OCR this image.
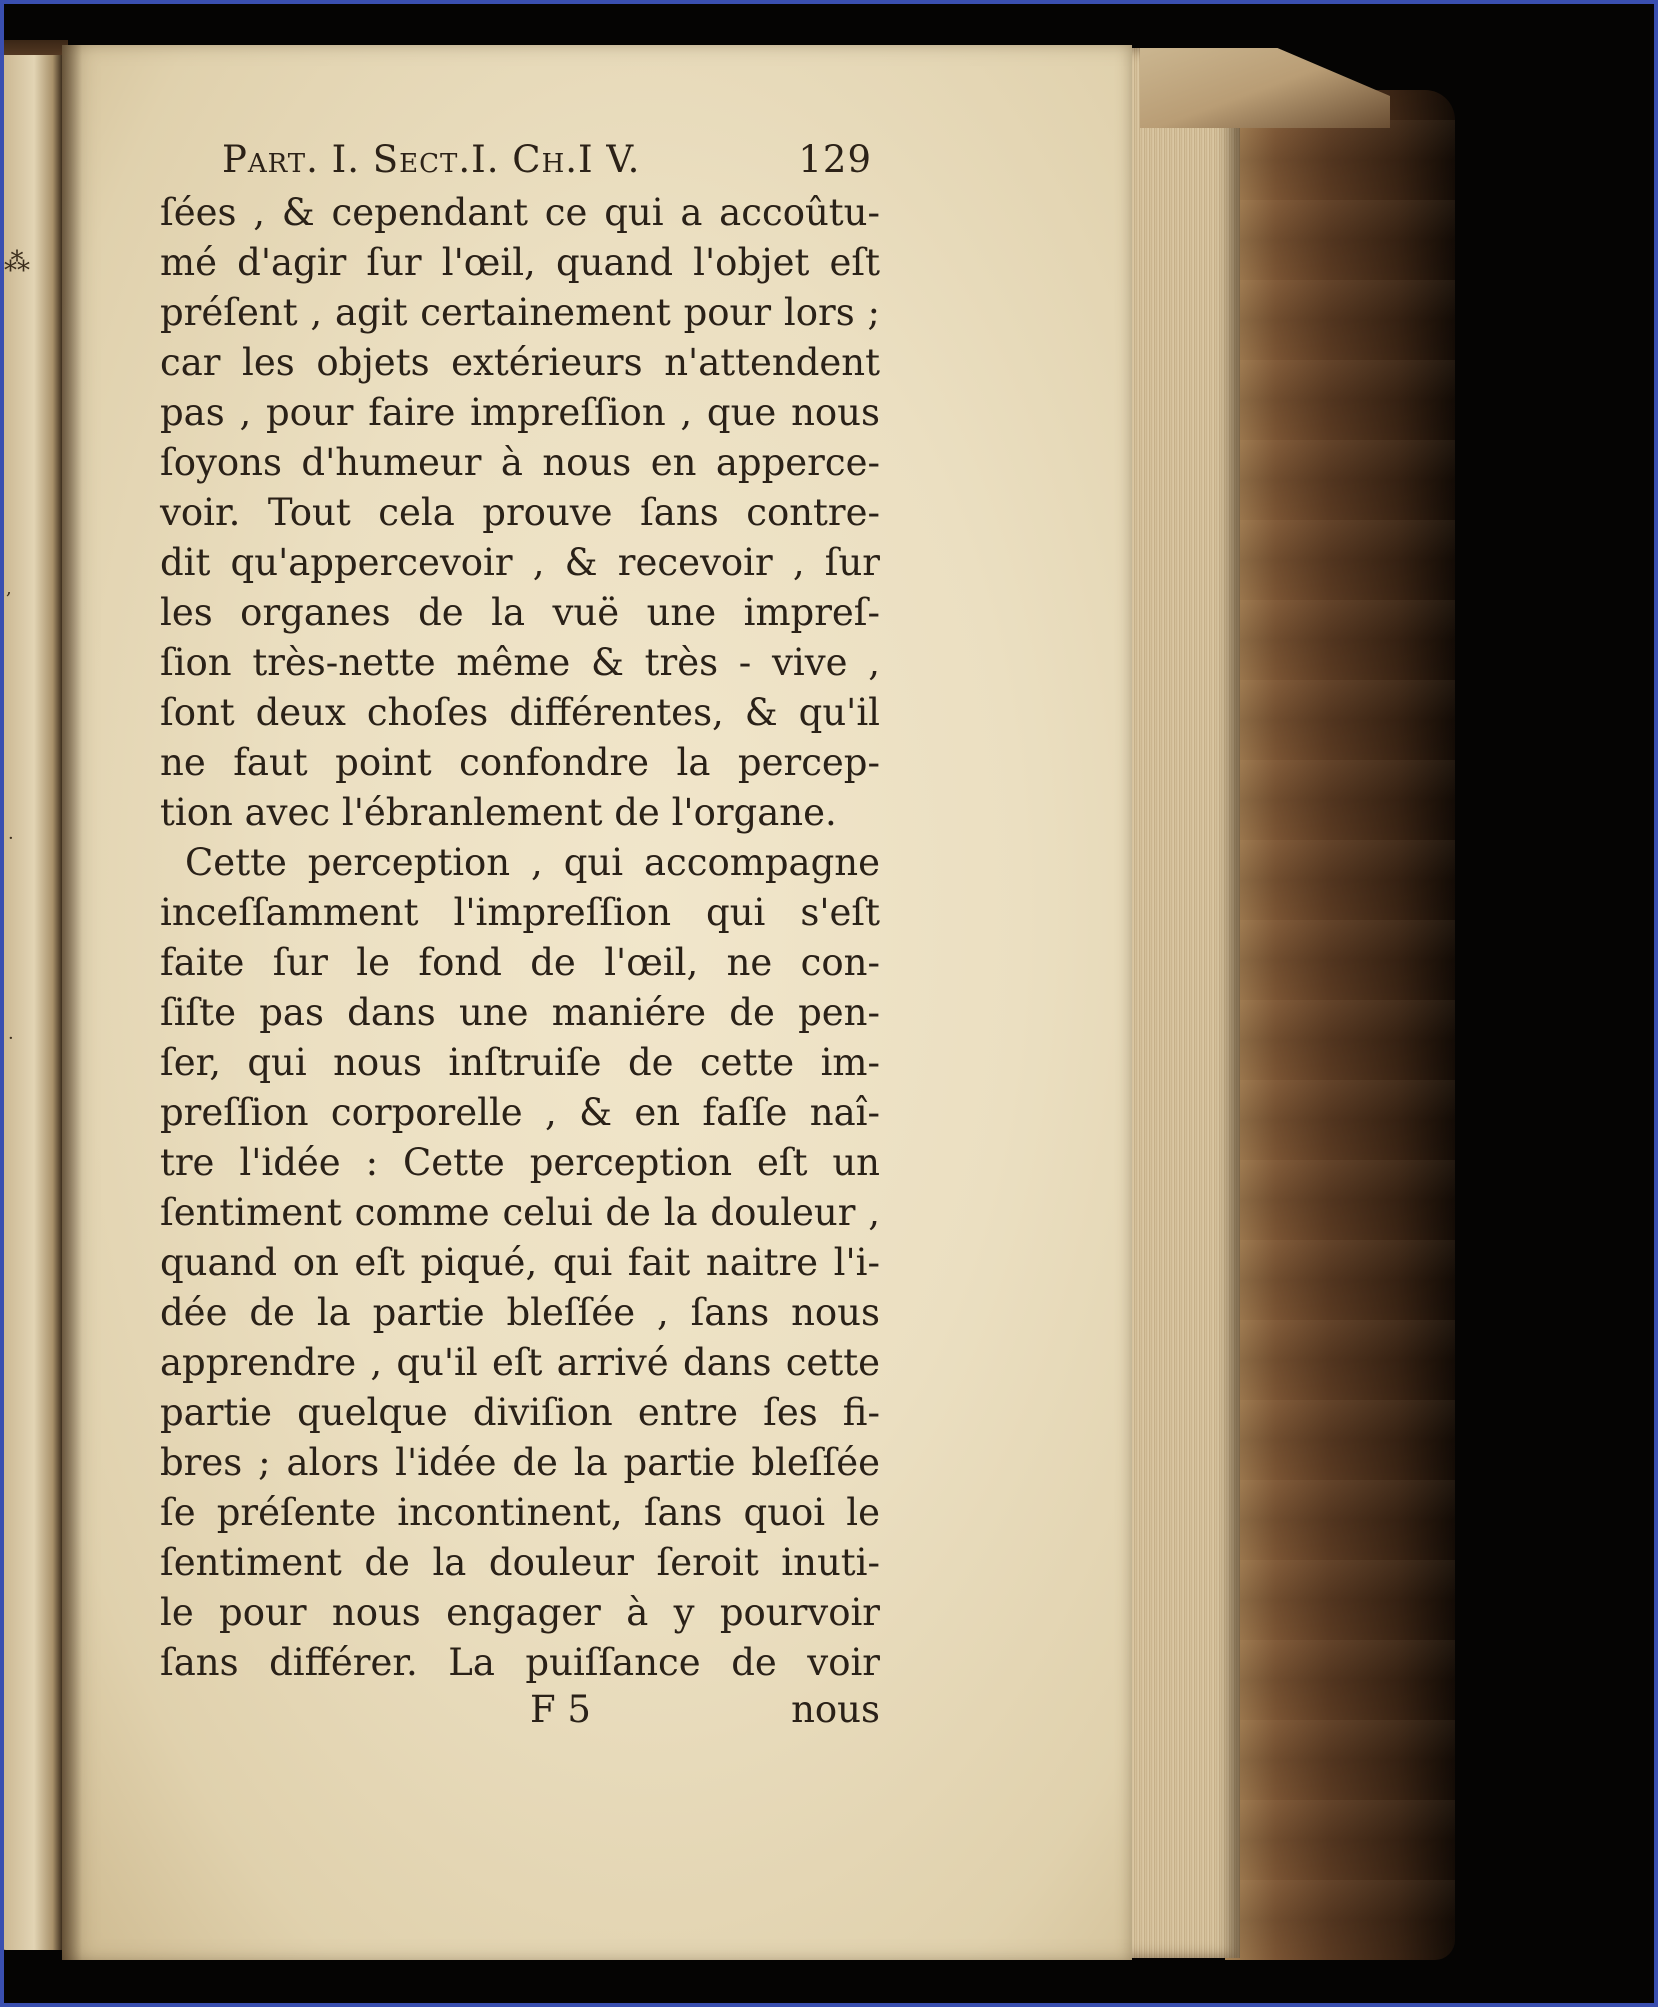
⁂
,
·
·
Part. I. Sect.I. Ch.I V.	129
ſées , & cependant ce qui a accoûtu-
mé d'agir ſur l'œil, quand l'objet eſt
préſent , agit certainement pour lors ;
car les objets extérieurs n'attendent
pas , pour faire impreſſion , que nous
ſoyons d'humeur à nous en apperce-
voir. Tout cela prouve ſans contre-
dit qu'appercevoir , & recevoir , ſur
les organes de la vuë une impreſ-
ſion très-nette même & très - vive ,
ſont deux choſes différentes, & qu'il
ne faut point confondre la percep-
tion avec l'ébranlement de l'organe.
Cette perception , qui accompagne
inceſſamment l'impreſſion qui s'eſt
faite ſur le fond de l'œil, ne con-
ſiſte pas dans une maniére de pen-
ſer, qui nous inſtruiſe de cette im-
preſſion corporelle , & en faſſe naî-
tre l'idée : Cette perception eſt un
ſentiment comme celui de la douleur ,
quand on eſt piqué, qui fait naitre l'i-
dée de la partie bleſſée , ſans nous
apprendre , qu'il eſt arrivé dans cette
partie quelque diviſion entre ſes fi-
bres ; alors l'idée de la partie bleſſée
ſe préſente incontinent, ſans quoi le
ſentiment de la douleur ſeroit inuti-
le pour nous engager à y pourvoir
ſans différer. La puiſſance de voir
F 5	nous
